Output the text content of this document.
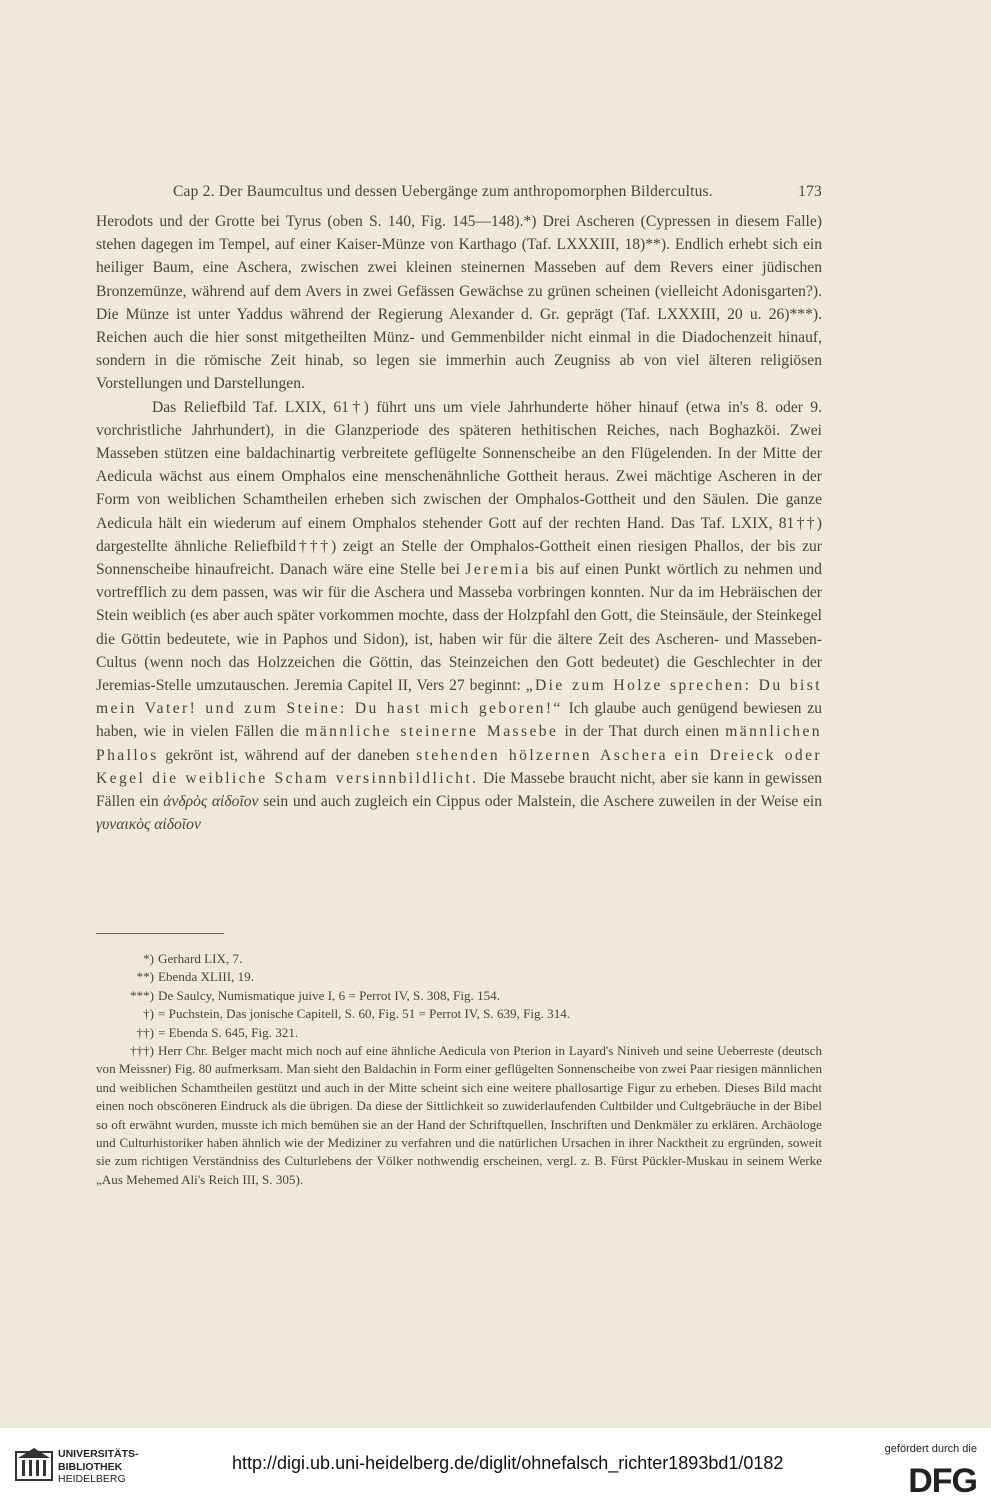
Cap 2. Der Baumcultus und dessen Uebergänge zum anthropomorphen Bildercultus.	173

Herodots und der Grotte bei Tyrus (oben S. 140, Fig. 145—148).*) Drei Ascheren (Cypressen in diesem Falle) stehen dagegen im Tempel, auf einer Kaiser-Münze von Karthago (Taf. LXXXIII, 18)**). Endlich erhebt sich ein heiliger Baum, eine Aschera, zwischen zwei kleinen steinernen Masseben auf dem Revers einer jüdischen Bronzemünze, während auf dem Avers in zwei Gefässen Gewächse zu grünen scheinen (vielleicht Adonisgarten?). Die Münze ist unter Yaddus während der Regierung Alexander d. Gr. geprägt (Taf. LXXXIII, 20 u. 26)***). Reichen auch die hier sonst mitgetheilten Münz- und Gemmenbilder nicht einmal in die Diadochenzeit hinauf, sondern in die römische Zeit hinab, so legen sie immerhin auch Zeugniss ab von viel älteren religiösen Vorstellungen und Darstellungen.

Das Reliefbild Taf. LXIX, 61†) führt uns um viele Jahrhunderte höher hinauf (etwa in's 8. oder 9. vorchristliche Jahrhundert), in die Glanzperiode des späteren hethitischen Reiches, nach Boghazköi. Zwei Masseben stützen eine baldachinartig verbreitete geflügelte Sonnenscheibe an den Flügelenden. In der Mitte der Aedicula wächst aus einem Omphalos eine menschenähnliche Gottheit heraus. Zwei mächtige Ascheren in der Form von weiblichen Schamtheilen erheben sich zwischen der Omphalos-Gottheit und den Säulen. Die ganze Aedicula hält ein wiederum auf einem Omphalos stehender Gott auf der rechten Hand. Das Taf. LXIX, 81††) dargestellte ähnliche Reliefbild†††) zeigt an Stelle der Omphalos-Gottheit einen riesigen Phallos, der bis zur Sonnenscheibe hinaufreicht. Danach wäre eine Stelle bei Jeremia bis auf einen Punkt wörtlich zu nehmen und vortrefflich zu dem passen, was wir für die Aschera und Masseba vorbringen konnten. Nur da im Hebräischen der Stein weiblich (es aber auch später vorkommen mochte, dass der Holzpfahl den Gott, die Steinsäule, der Steinkegel die Göttin bedeutete, wie in Paphos und Sidon), ist, haben wir für die ältere Zeit des Ascheren- und Masseben-Cultus (wenn noch das Holzzeichen die Göttin, das Steinzeichen den Gott bedeutet) die Geschlechter in der Jeremias-Stelle umzutauschen. Jeremia Capitel II, Vers 27 beginnt: „Die zum Holze sprechen: Du bist mein Vater! und zum Steine: Du hast mich geboren!“ Ich glaube auch genügend bewiesen zu haben, wie in vielen Fällen die männliche steinerne Massebe in der That durch einen männlichen Phallos gekrönt ist, während auf der daneben stehenden hölzernen Aschera ein Dreieck oder Kegel die weibliche Scham versinnbildlicht. Die Massebe braucht nicht, aber sie kann in gewissen Fällen ein ἀνδρὸς αἰδοῖον sein und auch zugleich ein Cippus oder Malstein, die Aschere zuweilen in der Weise ein γυναικὸς αἰδοῖον

*) Gerhard LIX, 7.
**) Ebenda XLIII, 19.
***) De Saulcy, Numismatique juive I, 6 = Perrot IV, S. 308, Fig. 154.
†) = Puchstein, Das jonische Capitell, S. 60, Fig. 51 = Perrot IV, S. 639, Fig. 314.
††) = Ebenda S. 645, Fig. 321.
†††) Herr Chr. Belger macht mich noch auf eine ähnliche Aedicula von Pterion in Layard's Niniveh und seine Ueberreste (deutsch von Meissner) Fig. 80 aufmerksam. Man sieht den Baldachin in Form einer geflügelten Sonnenscheibe von zwei Paar riesigen männlichen und weiblichen Schamtheilen gestützt und auch in der Mitte scheint sich eine weitere phallosartige Figur zu erheben. Dieses Bild macht einen noch obscöneren Eindruck als die übrigen. Da diese der Sittlichkeit so zuwiderlaufenden Cultbilder und Cultgebräuche in der Bibel so oft erwähnt wurden, musste ich mich bemühen sie an der Hand der Schriftquellen, Inschriften und Denkmäler zu erklären. Archäologe und Culturhistoriker haben ähnlich wie der Mediziner zu verfahren und die natürlichen Ursachen in ihrer Nacktheit zu ergründen, soweit sie zum richtigen Verständniss des Culturlebens der Völker nothwendig erscheinen, vergl. z. B. Fürst Pückler-Muskau in seinem Werke „Aus Mehemed Ali's Reich III, S. 305).
UNIVERSITÄTS-
BIBLIOTHEK
HEIDELBERG
http://digi.ub.uni-heidelberg.de/diglit/ohnefalsch_richter1893bd1/0182
gefördert durch die
DFG
